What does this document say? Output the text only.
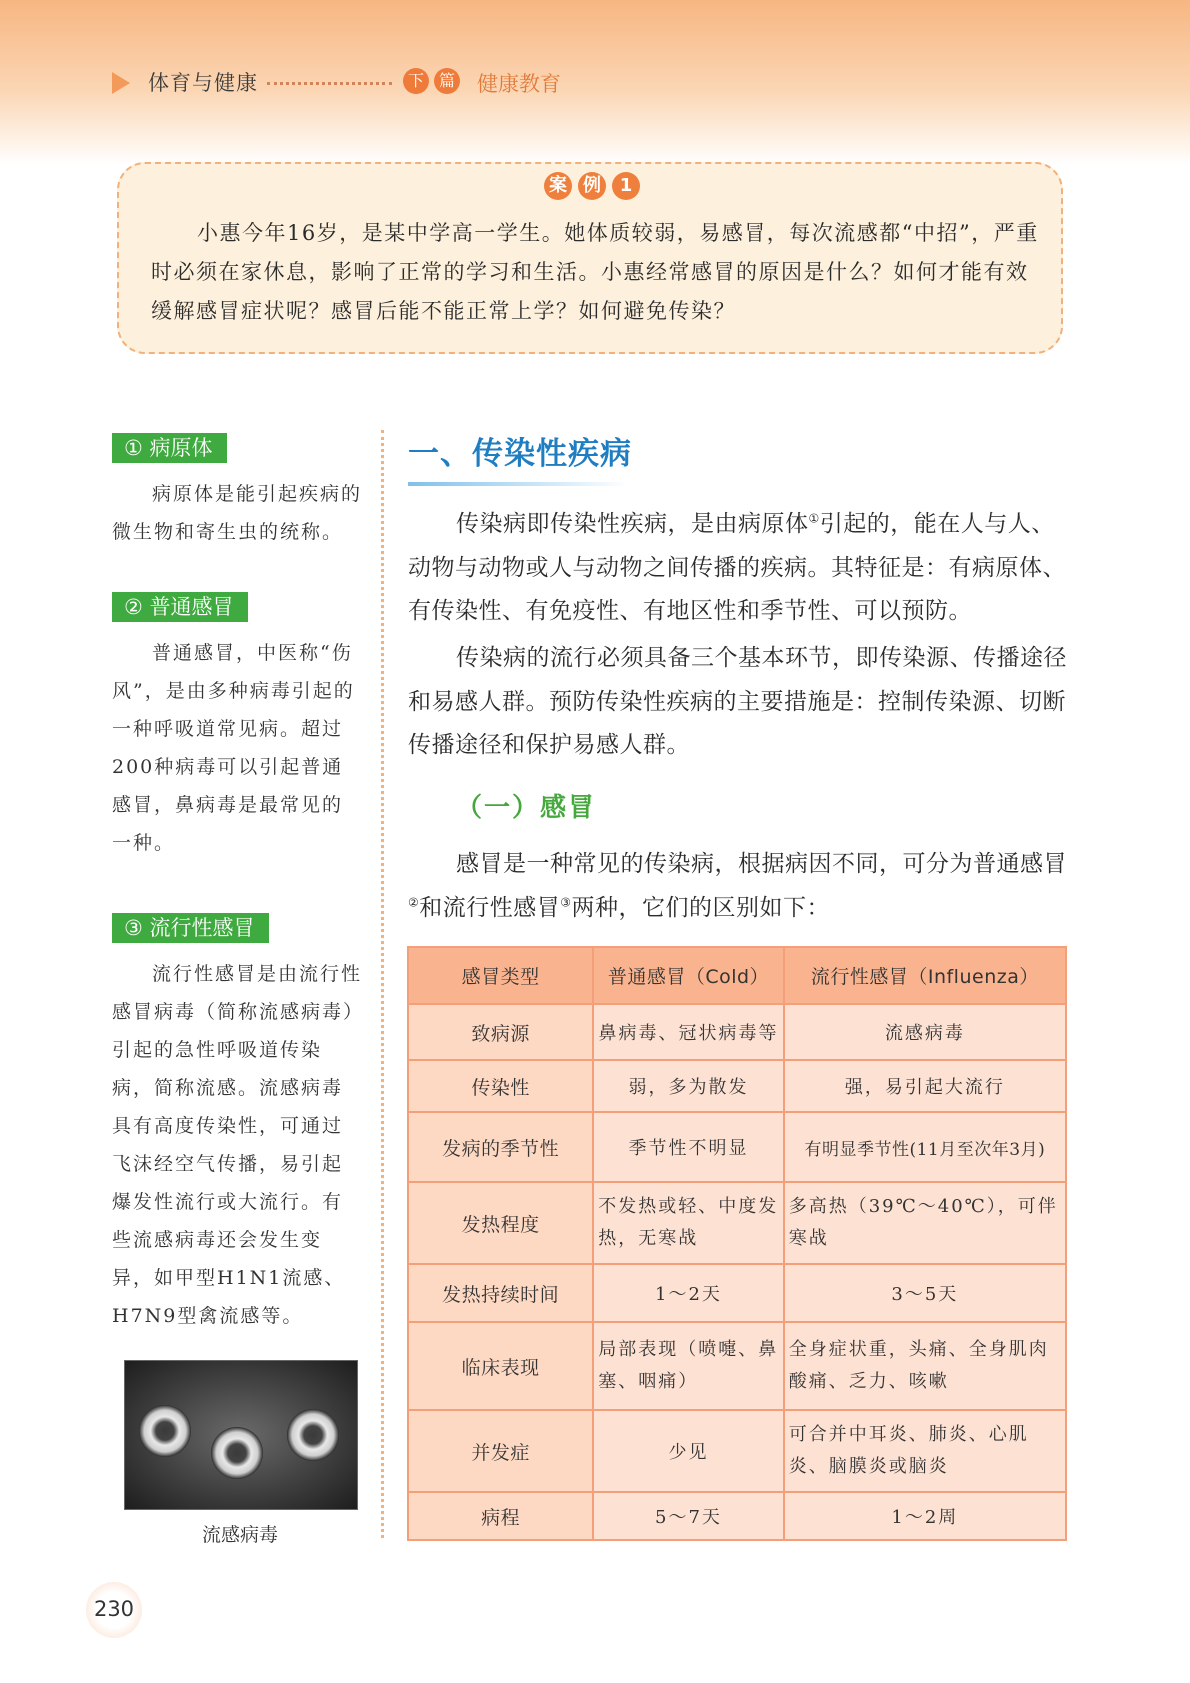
体育与健康	下 篇 健康教育
案 例 1
小惠今年16岁，是某中学高一学生。她体质较弱，易感冒，每次流感都“中招”，严重时必须在家休息，影响了正常的学习和生活。小惠经常感冒的原因是什么？如何才能有效缓解感冒症状呢？感冒后能不能正常上学？如何避免传染？
① 病原体
病原体是能引起疾病的微生物和寄生虫的统称。
② 普通感冒
普通感冒，中医称“伤风”，是由多种病毒引起的一种呼吸道常见病。超过200种病毒可以引起普通感冒，鼻病毒是最常见的一种。
③ 流行性感冒
流行性感冒是由流行性感冒病毒（简称流感病毒）引起的急性呼吸道传染病，简称流感。流感病毒具有高度传染性，可通过飞沫经空气传播，易引起爆发性流行或大流行。有些流感病毒还会发生变异，如甲型H1N1流感、H7N9型禽流感等。
流感病毒
一、传染性疾病
传染病即传染性疾病，是由病原体①引起的，能在人与人、动物与动物或人与动物之间传播的疾病。其特征是：有病原体、有传染性、有免疫性、有地区性和季节性、可以预防。
传染病的流行必须具备三个基本环节，即传染源、传播途径和易感人群。预防传染性疾病的主要措施是：控制传染源、切断传播途径和保护易感人群。
（一）感冒
感冒是一种常见的传染病，根据病因不同，可分为普通感冒②和流行性感冒③两种，它们的区别如下：
感冒类型	普通感冒（Cold）	流行性感冒（Influenza）
致病源	鼻病毒、冠状病毒等	流感病毒
传染性	弱，多为散发	强，易引起大流行
发病的季节性	季节性不明显	有明显季节性(11月至次年3月)
发热程度	不发热或轻、中度发热，无寒战	多高热（39℃～40℃），可伴寒战
发热持续时间	1～2天	3～5天
临床表现	局部表现（喷嚏、鼻塞、咽痛）	全身症状重，头痛、全身肌肉酸痛、乏力、咳嗽
并发症	少见	可合并中耳炎、肺炎、心肌炎、脑膜炎或脑炎
病程	5～7天	1～2周
230
